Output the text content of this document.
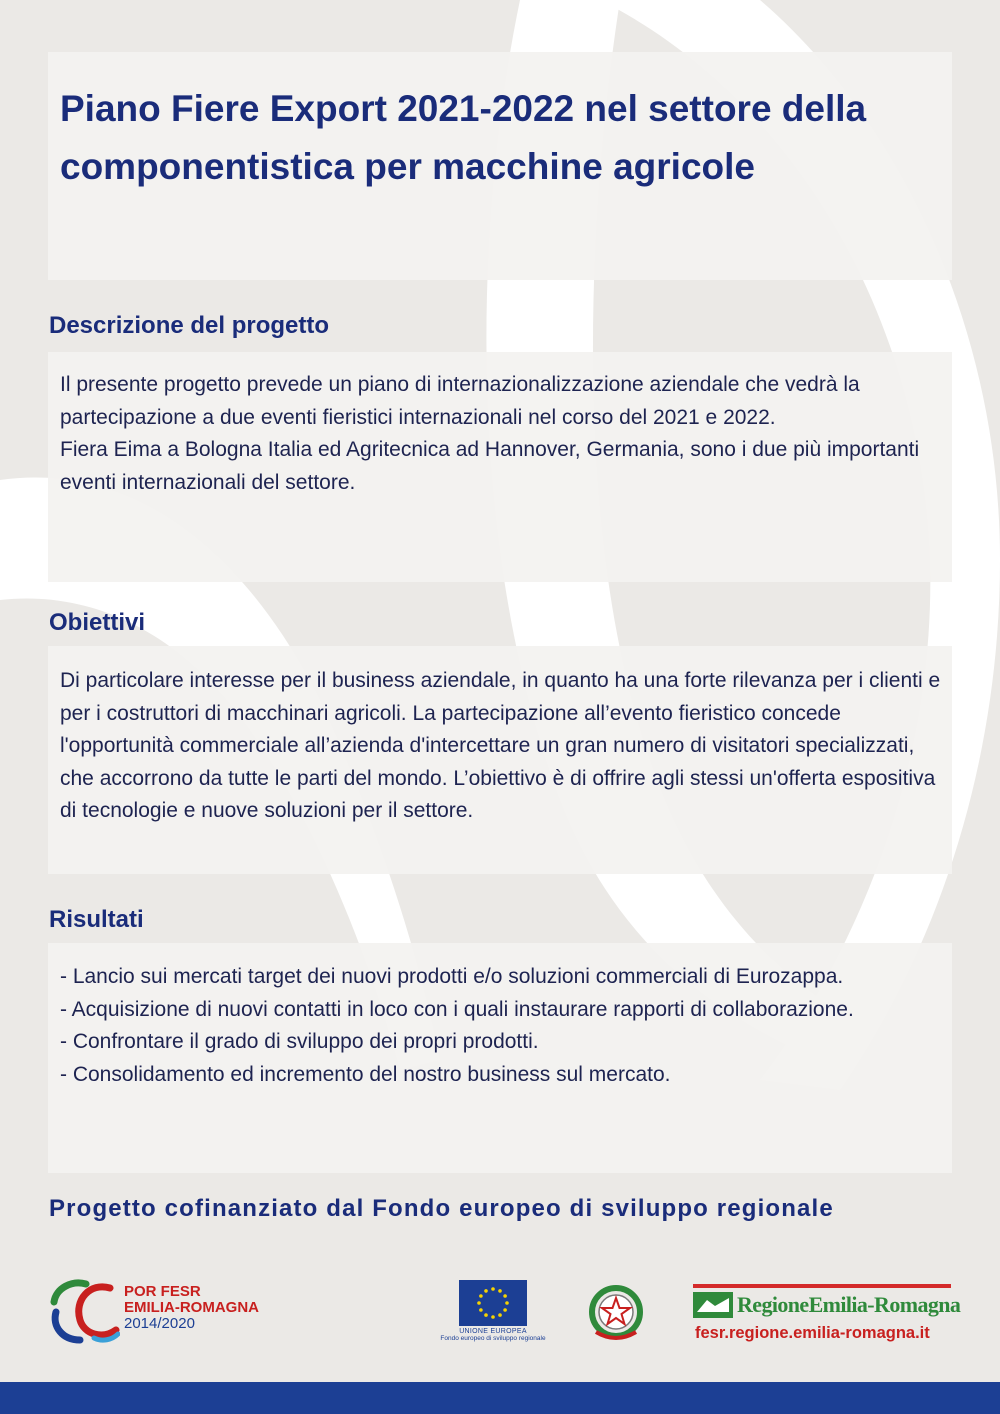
Piano Fiere Export 2021-2022 nel settore della componentistica per macchine agricole
Descrizione del progetto

Il presente progetto prevede un piano di internazionalizzazione aziendale che vedrà la partecipazione a due eventi fieristici internazionali nel corso del 2021 e 2022.

Fiera Eima a Bologna Italia ed Agritecnica ad Hannover, Germania, sono i due più importanti eventi internazionali del settore.

Obiettivi

Di particolare interesse per il business aziendale, in quanto ha una forte rilevanza per i clienti e per i costruttori di macchinari agricoli. La partecipazione all’evento fieristico concede l'opportunità commerciale all’azienda d'intercettare un gran numero di visitatori specializzati, che accorrono da tutte le parti del mondo. L’obiettivo è di offrire agli stessi un'offerta espositiva di tecnologie e nuove soluzioni per il settore.

Risultati

- Lancio sui mercati target dei nuovi prodotti e/o soluzioni commerciali di Eurozappa.

- Acquisizione di nuovi contatti in loco con i quali instaurare rapporti di collaborazione.

- Confrontare il grado di sviluppo dei propri prodotti.

- Consolidamento ed incremento del nostro business sul mercato.

Progetto cofinanziato dal Fondo europeo di sviluppo regionale
POR FESR
EMILIA-ROMAGNA
2014/2020	UNIONE EUROPEA
Fondo europeo di sviluppo regionale
RegioneEmilia-Romagna
fesr.regione.emilia-romagna.it
